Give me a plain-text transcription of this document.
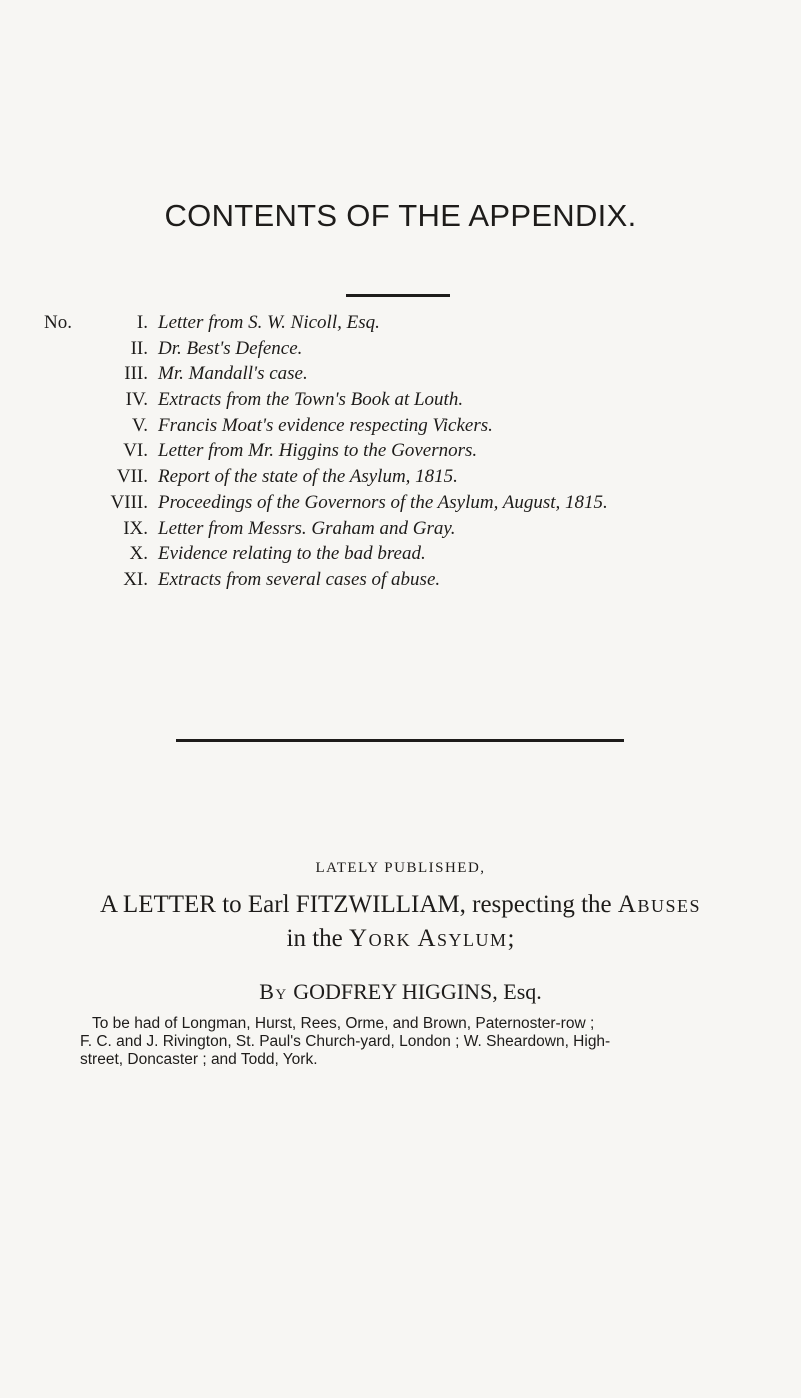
CONTENTS OF THE APPENDIX.
No.	I. Letter from S. W. Nicoll, Esq.
II. Dr. Best's Defence.
III. Mr. Mandall's case.
IV. Extracts from the Town's Book at Louth.
V. Francis Moat's evidence respecting Vickers.
VI. Letter from Mr. Higgins to the Governors.
VII. Report of the state of the Asylum, 1815.
VIII. Proceedings of the Governors of the Asylum, August, 1815.
IX. Letter from Messrs. Graham and Gray.
X. Evidence relating to the bad bread.
XI. Extracts from several cases of abuse.
LATELY PUBLISHED,
A LETTER to Earl FITZWILLIAM, respecting the Abuses
in the York Asylum;
By GODFREY HIGGINS, Esq.

To be had of Longman, Hurst, Rees, Orme, and Brown, Paternoster-row ;
F. C. and J. Rivington, St. Paul's Church-yard, London ; W. Sheardown, High-
street, Doncaster ; and Todd, York.
